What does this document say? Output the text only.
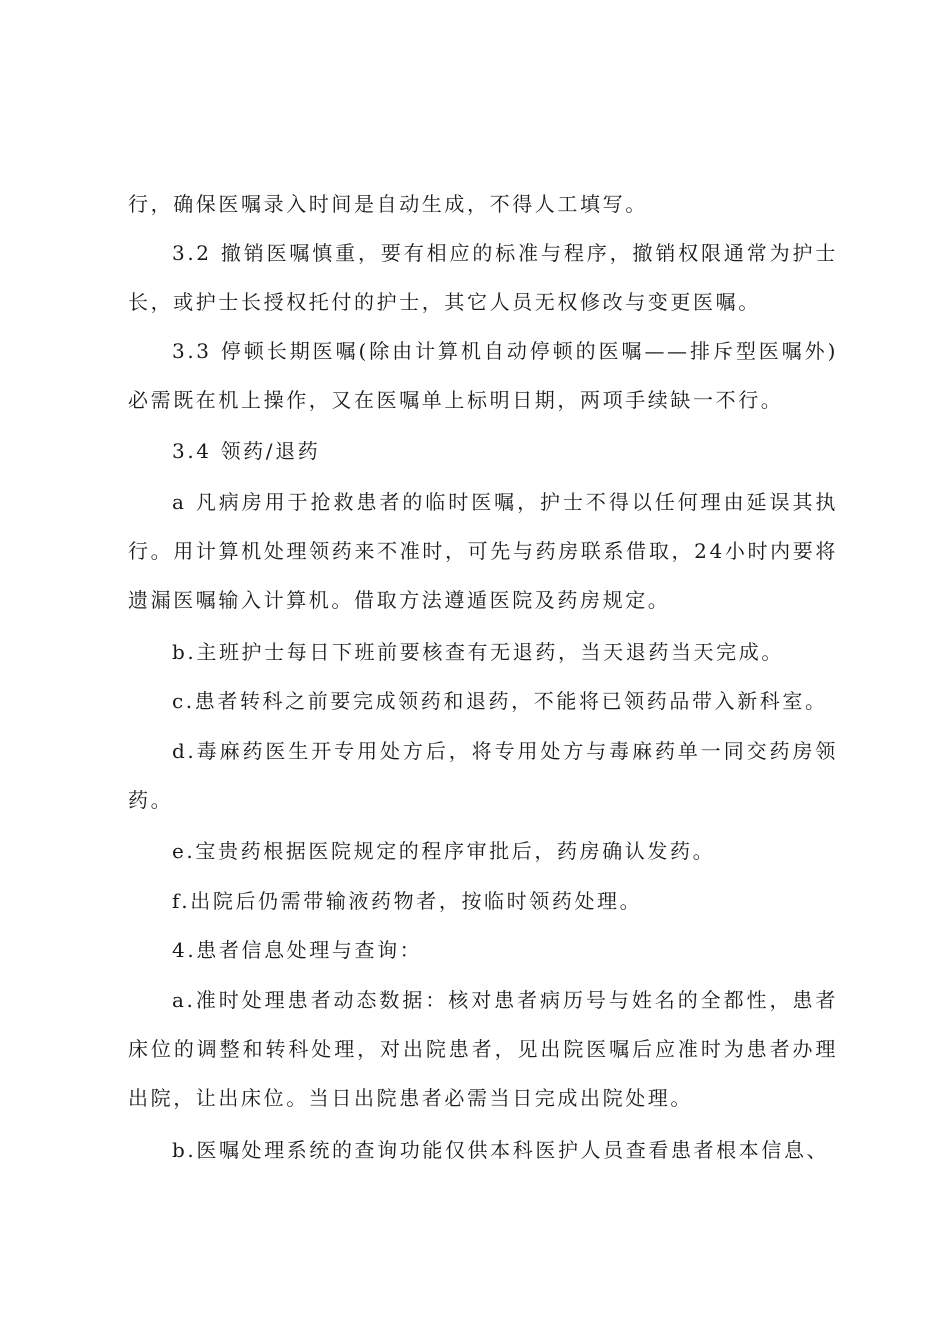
行，确保医嘱录入时间是自动生成，不得人工填写。

3.2 撤销医嘱慎重，要有相应的标准与程序，撤销权限通常为护士长，或护士长授权托付的护士，其它人员无权修改与变更医嘱。

3.3 停顿长期医嘱(除由计算机自动停顿的医嘱——排斥型医嘱外)必需既在机上操作，又在医嘱单上标明日期，两项手续缺一不行。

3.4 领药/退药

a 凡病房用于抢救患者的临时医嘱，护士不得以任何理由延误其执行。用计算机处理领药来不准时，可先与药房联系借取，24小时内要将遗漏医嘱输入计算机。借取方法遵遁医院及药房规定。

b.主班护士每日下班前要核查有无退药，当天退药当天完成。

c.患者转科之前要完成领药和退药，不能将已领药品带入新科室。

d.毒麻药医生开专用处方后，将专用处方与毒麻药单一同交药房领药。

e.宝贵药根据医院规定的程序审批后，药房确认发药。

f.出院后仍需带输液药物者，按临时领药处理。

4.患者信息处理与查询：

a.准时处理患者动态数据：核对患者病历号与姓名的全都性，患者床位的调整和转科处理，对出院患者，见出院医嘱后应准时为患者办理出院，让出床位。当日出院患者必需当日完成出院处理。

b.医嘱处理系统的查询功能仅供本科医护人员查看患者根本信息、
